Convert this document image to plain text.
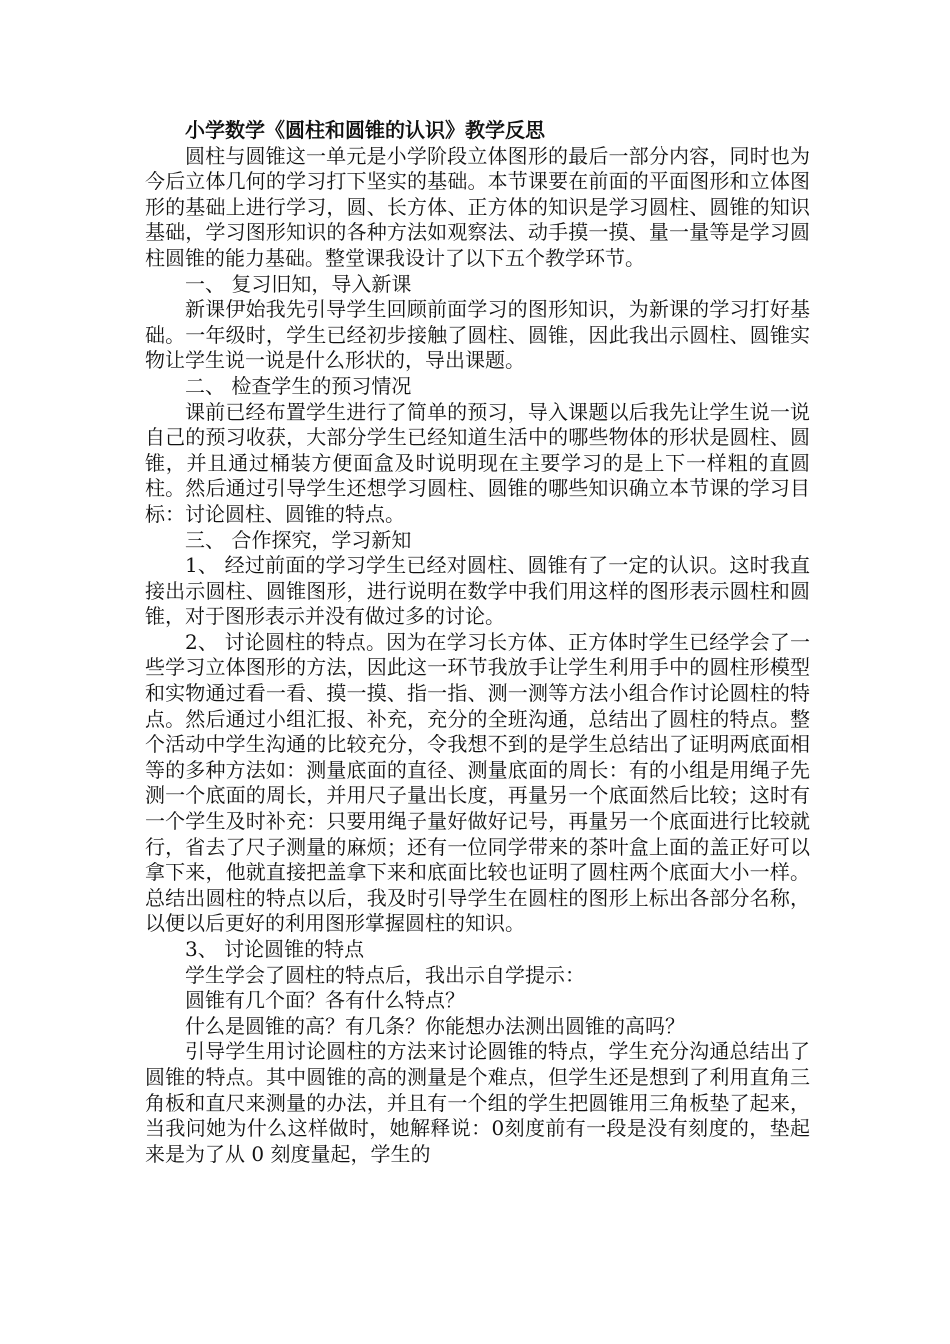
小学数学《圆柱和圆锥的认识》教学反思

圆柱与圆锥这一单元是小学阶段立体图形的最后一部分内容，同时也为今后立体几何的学习打下坚实的基础。本节课要在前面的平面图形和立体图形的基础上进行学习，圆、长方体、正方体的知识是学习圆柱、圆锥的知识基础，学习图形知识的各种方法如观察法、动手摸一摸、量一量等是学习圆柱圆锥的能力基础。整堂课我设计了以下五个教学环节。

一、 复习旧知，导入新课

新课伊始我先引导学生回顾前面学习的图形知识，为新课的学习打好基础。一年级时，学生已经初步接触了圆柱、圆锥，因此我出示圆柱、圆锥实物让学生说一说是什么形状的，导出课题。

二、 检查学生的预习情况

课前已经布置学生进行了简单的预习，导入课题以后我先让学生说一说自己的预习收获，大部分学生已经知道生活中的哪些物体的形状是圆柱、圆锥，并且通过桶装方便面盒及时说明现在主要学习的是上下一样粗的直圆柱。然后通过引导学生还想学习圆柱、圆锥的哪些知识确立本节课的学习目标：讨论圆柱、圆锥的特点。

三、 合作探究，学习新知

1、 经过前面的学习学生已经对圆柱、圆锥有了一定的认识。这时我直接出示圆柱、圆锥图形，进行说明在数学中我们用这样的图形表示圆柱和圆锥，对于图形表示并没有做过多的讨论。

2、 讨论圆柱的特点。因为在学习长方体、正方体时学生已经学会了一些学习立体图形的方法，因此这一环节我放手让学生利用手中的圆柱形模型和实物通过看一看、摸一摸、指一指、测一测等方法小组合作讨论圆柱的特点。然后通过小组汇报、补充，充分的全班沟通，总结出了圆柱的特点。整个活动中学生沟通的比较充分，令我想不到的是学生总结出了证明两底面相等的多种方法如：测量底面的直径、测量底面的周长：有的小组是用绳子先测一个底面的周长，并用尺子量出长度，再量另一个底面然后比较；这时有一个学生及时补充：只要用绳子量好做好记号，再量另一个底面进行比较就行，省去了尺子测量的麻烦；还有一位同学带来的茶叶盒上面的盖正好可以拿下来，他就直接把盖拿下来和底面比较也证明了圆柱两个底面大小一样。总结出圆柱的特点以后，我及时引导学生在圆柱的图形上标出各部分名称，以便以后更好的利用图形掌握圆柱的知识。

3、 讨论圆锥的特点

学生学会了圆柱的特点后，我出示自学提示：

圆锥有几个面？各有什么特点？

什么是圆锥的高？有几条？你能想办法测出圆锥的高吗？

引导学生用讨论圆柱的方法来讨论圆锥的特点，学生充分沟通总结出了圆锥的特点。其中圆锥的高的测量是个难点，但学生还是想到了利用直角三角板和直尺来测量的办法，并且有一个组的学生把圆锥用三角板垫了起来，当我问她为什么这样做时，她解释说：0刻度前有一段是没有刻度的，垫起来是为了从 0 刻度量起，学生的
